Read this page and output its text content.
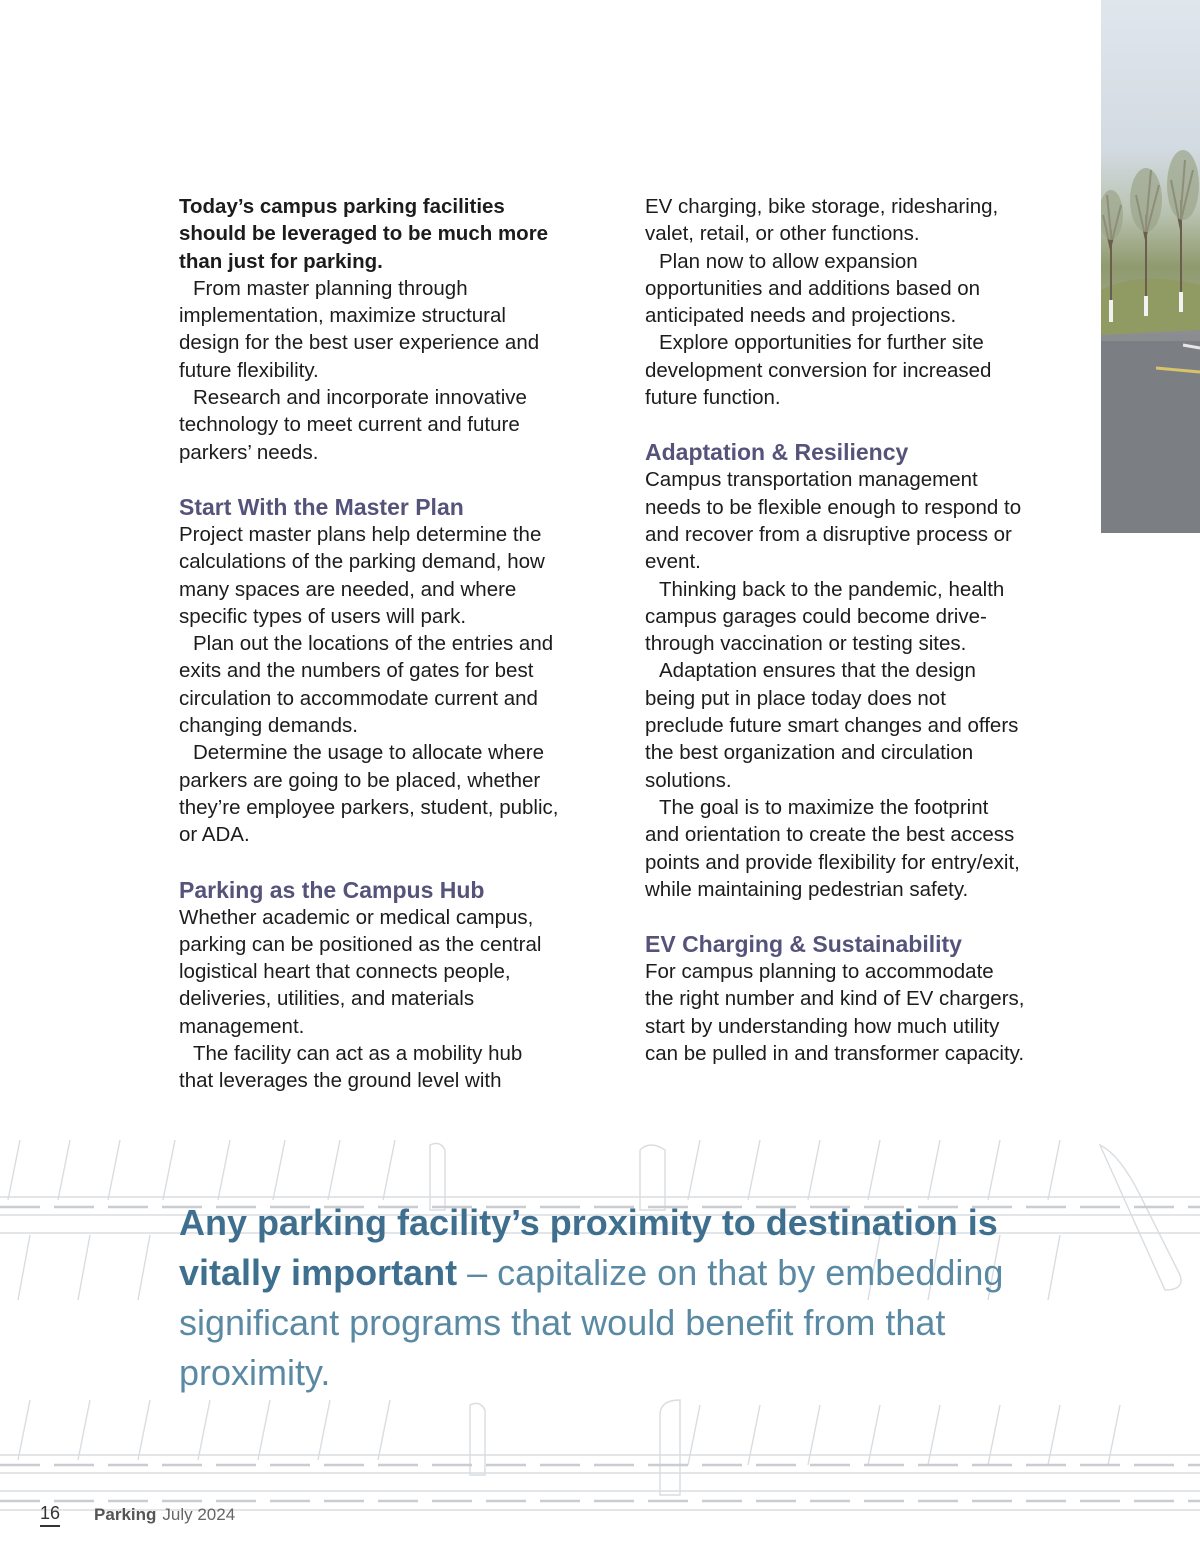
Today’s campus parking facilities should be leveraged to be much more than just for parking.

From master planning through implementation, maximize structural design for the best user experience and future flexibility.

Research and incorporate innovative technology to meet current and future parkers’ needs.

Start With the Master Plan

Project master plans help determine the calculations of the parking demand, how many spaces are needed, and where specific types of users will park.

Plan out the locations of the entries and exits and the numbers of gates for best circulation to accommodate current and changing demands.

Determine the usage to allocate where parkers are going to be placed, whether they’re employee parkers, student, public, or ADA.

Parking as the Campus Hub

Whether academic or medical campus, parking can be positioned as the central logistical heart that connects people, deliveries, utilities, and materials management.

The facility can act as a mobility hub that leverages the ground level with

EV charging, bike storage, ridesharing, valet, retail, or other functions.

Plan now to allow expansion opportunities and additions based on anticipated needs and projections.

Explore opportunities for further site development conversion for increased future function.

Adaptation & Resiliency

Campus transportation management needs to be flexible enough to respond to and recover from a disruptive process or event.

Thinking back to the pandemic, health campus garages could become drive-through vaccination or testing sites.

Adaptation ensures that the design being put in place today does not preclude future smart changes and offers the best organization and circulation solutions.

The goal is to maximize the footprint and orientation to create the best access points and provide flexibility for entry/exit, while maintaining pedestrian safety.

EV Charging & Sustainability

For campus planning to accommodate the right number and kind of EV chargers, start by understanding how much utility can be pulled in and transformer capacity.

Any parking facility’s proximity to destination is vitally important – capitalize on that by embedding significant programs that would benefit from that proximity.
16 Parking July 2024
